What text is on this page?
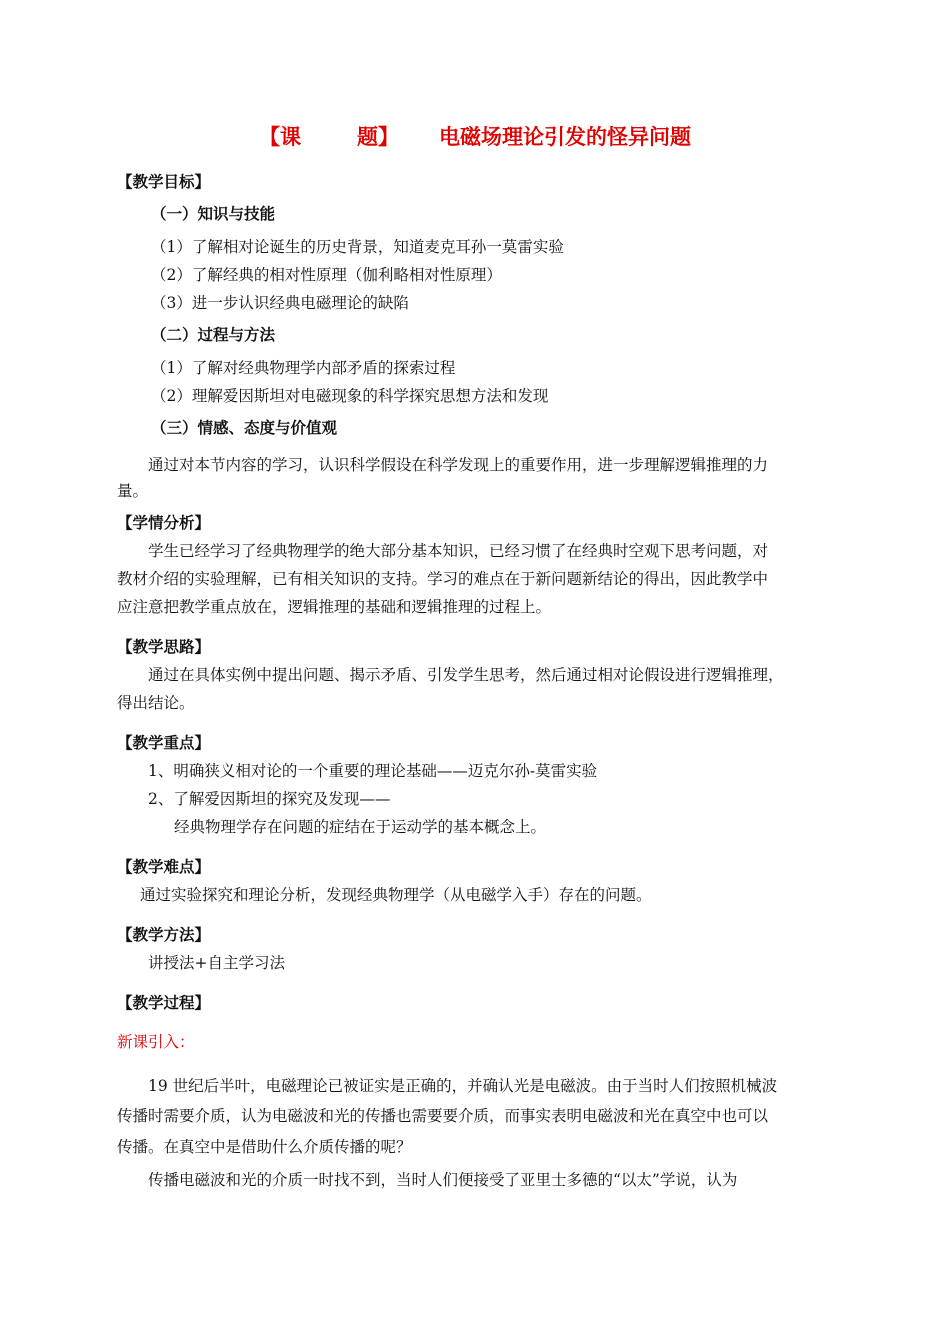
【课	题】 电磁场理论引发的怪异问题
【教学目标】
（一）知识与技能
（1）了解相对论诞生的历史背景，知道麦克耳孙一莫雷实验
（2）了解经典的相对性原理（伽利略相对性原理）
（3）进一步认识经典电磁理论的缺陷
（二）过程与方法
（1）了解对经典物理学内部矛盾的探索过程
（2）理解爱因斯坦对电磁现象的科学探究思想方法和发现
（三）情感、态度与价值观
通过对本节内容的学习，认识科学假设在科学发现上的重要作用，进一步理解逻辑推理的力
量。
【学情分析】
学生已经学习了经典物理学的绝大部分基本知识，已经习惯了在经典时空观下思考问题，对
教材介绍的实验理解，已有相关知识的支持。学习的难点在于新问题新结论的得出，因此教学中
应注意把教学重点放在，逻辑推理的基础和逻辑推理的过程上。
【教学思路】
通过在具体实例中提出问题、揭示矛盾、引发学生思考，然后通过相对论假设进行逻辑推理，
得出结论。
【教学重点】
1、明确狭义相对论的一个重要的理论基础——迈克尔孙-莫雷实验
2、了解爱因斯坦的探究及发现——
经典物理学存在问题的症结在于运动学的基本概念上。
【教学难点】
通过实验探究和理论分析，发现经典物理学（从电磁学入手）存在的问题。
【教学方法】
讲授法+自主学习法
【教学过程】
新课引入：
19 世纪后半叶，电磁理论已被证实是正确的，并确认光是电磁波。由于当时人们按照机械波
传播时需要介质，认为电磁波和光的传播也需要要介质，而事实表明电磁波和光在真空中也可以
传播。在真空中是借助什么介质传播的呢？
传播电磁波和光的介质一时找不到，当时人们便接受了亚里士多德的“以太”学说，认为
